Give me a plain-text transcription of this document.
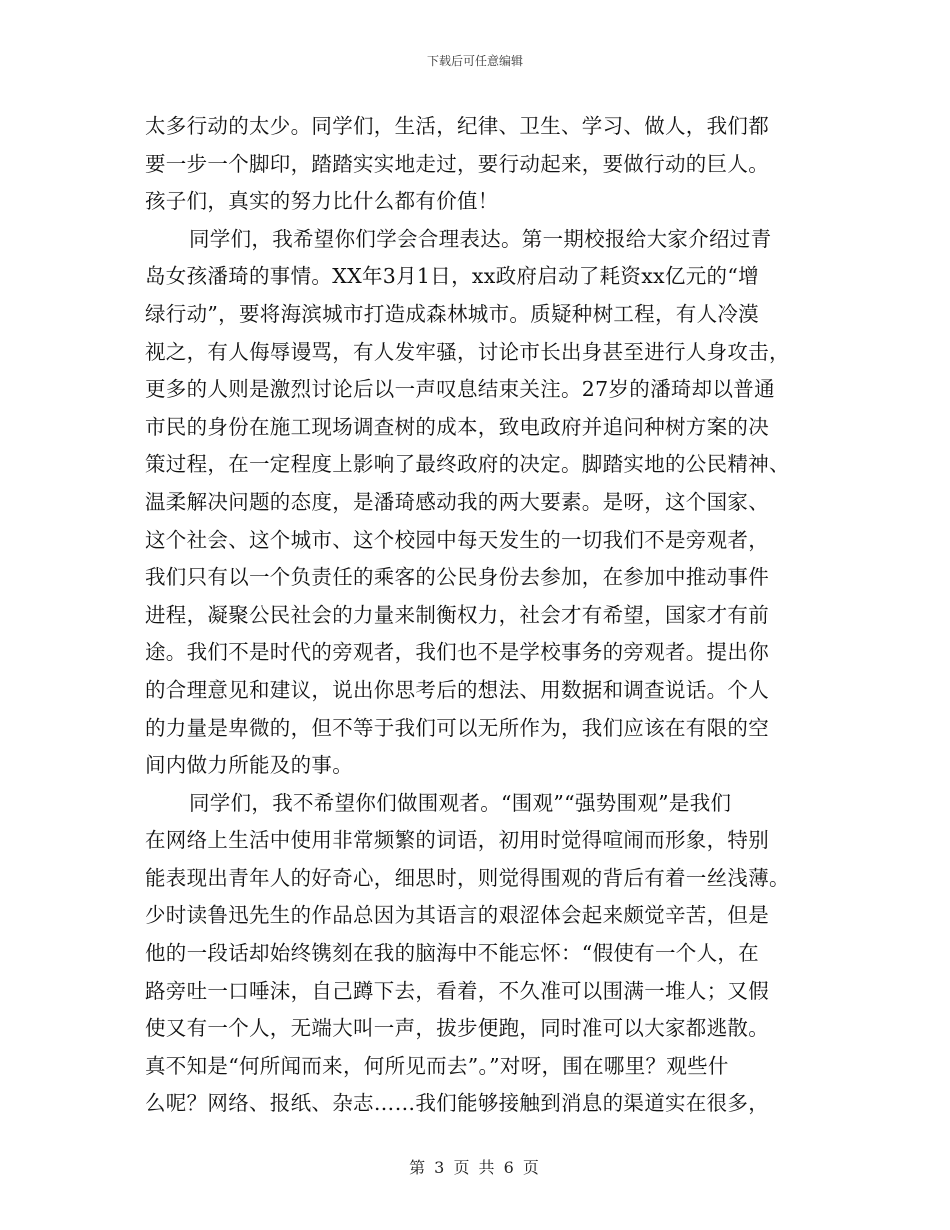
下载后可任意编辑
太多行动的太少。同学们，生活，纪律、卫生、学习、做人，我们都
要一步一个脚印，踏踏实实地走过，要行动起来，要做行动的巨人。
孩子们，真实的努力比什么都有价值！
同学们，我希望你们学会合理表达。第一期校报给大家介绍过青
岛女孩潘琦的事情。XX年3月1日，xx政府启动了耗资xx亿元的“增
绿行动”，要将海滨城市打造成森林城市。质疑种树工程，有人冷漠
视之，有人侮辱谩骂，有人发牢骚，讨论市长出身甚至进行人身攻击，
更多的人则是激烈讨论后以一声叹息结束关注。27岁的潘琦却以普通
市民的身份在施工现场调查树的成本，致电政府并追问种树方案的决
策过程，在一定程度上影响了最终政府的决定。脚踏实地的公民精神、
温柔解决问题的态度，是潘琦感动我的两大要素。是呀，这个国家、
这个社会、这个城市、这个校园中每天发生的一切我们不是旁观者，
我们只有以一个负责任的乘客的公民身份去参加，在参加中推动事件
进程，凝聚公民社会的力量来制衡权力，社会才有希望，国家才有前
途。我们不是时代的旁观者，我们也不是学校事务的旁观者。提出你
的合理意见和建议，说出你思考后的想法、用数据和调查说话。个人
的力量是卑微的，但不等于我们可以无所作为，我们应该在有限的空
间内做力所能及的事。
同学们，我不希望你们做围观者。“围观”“强势围观”是我们
在网络上生活中使用非常频繁的词语，初用时觉得喧闹而形象，特别
能表现出青年人的好奇心，细思时，则觉得围观的背后有着一丝浅薄。
少时读鲁迅先生的作品总因为其语言的艰涩体会起来颇觉辛苦，但是
他的一段话却始终镌刻在我的脑海中不能忘怀：“假使有一个人，在
路旁吐一口唾沫，自己蹲下去，看着，不久准可以围满一堆人；又假
使又有一个人，无端大叫一声，拔步便跑，同时准可以大家都逃散。
真不知是“何所闻而来，何所见而去”。”对呀，围在哪里？观些什
么呢？网络、报纸、杂志……我们能够接触到消息的渠道实在很多，
第 3 页 共 6 页
